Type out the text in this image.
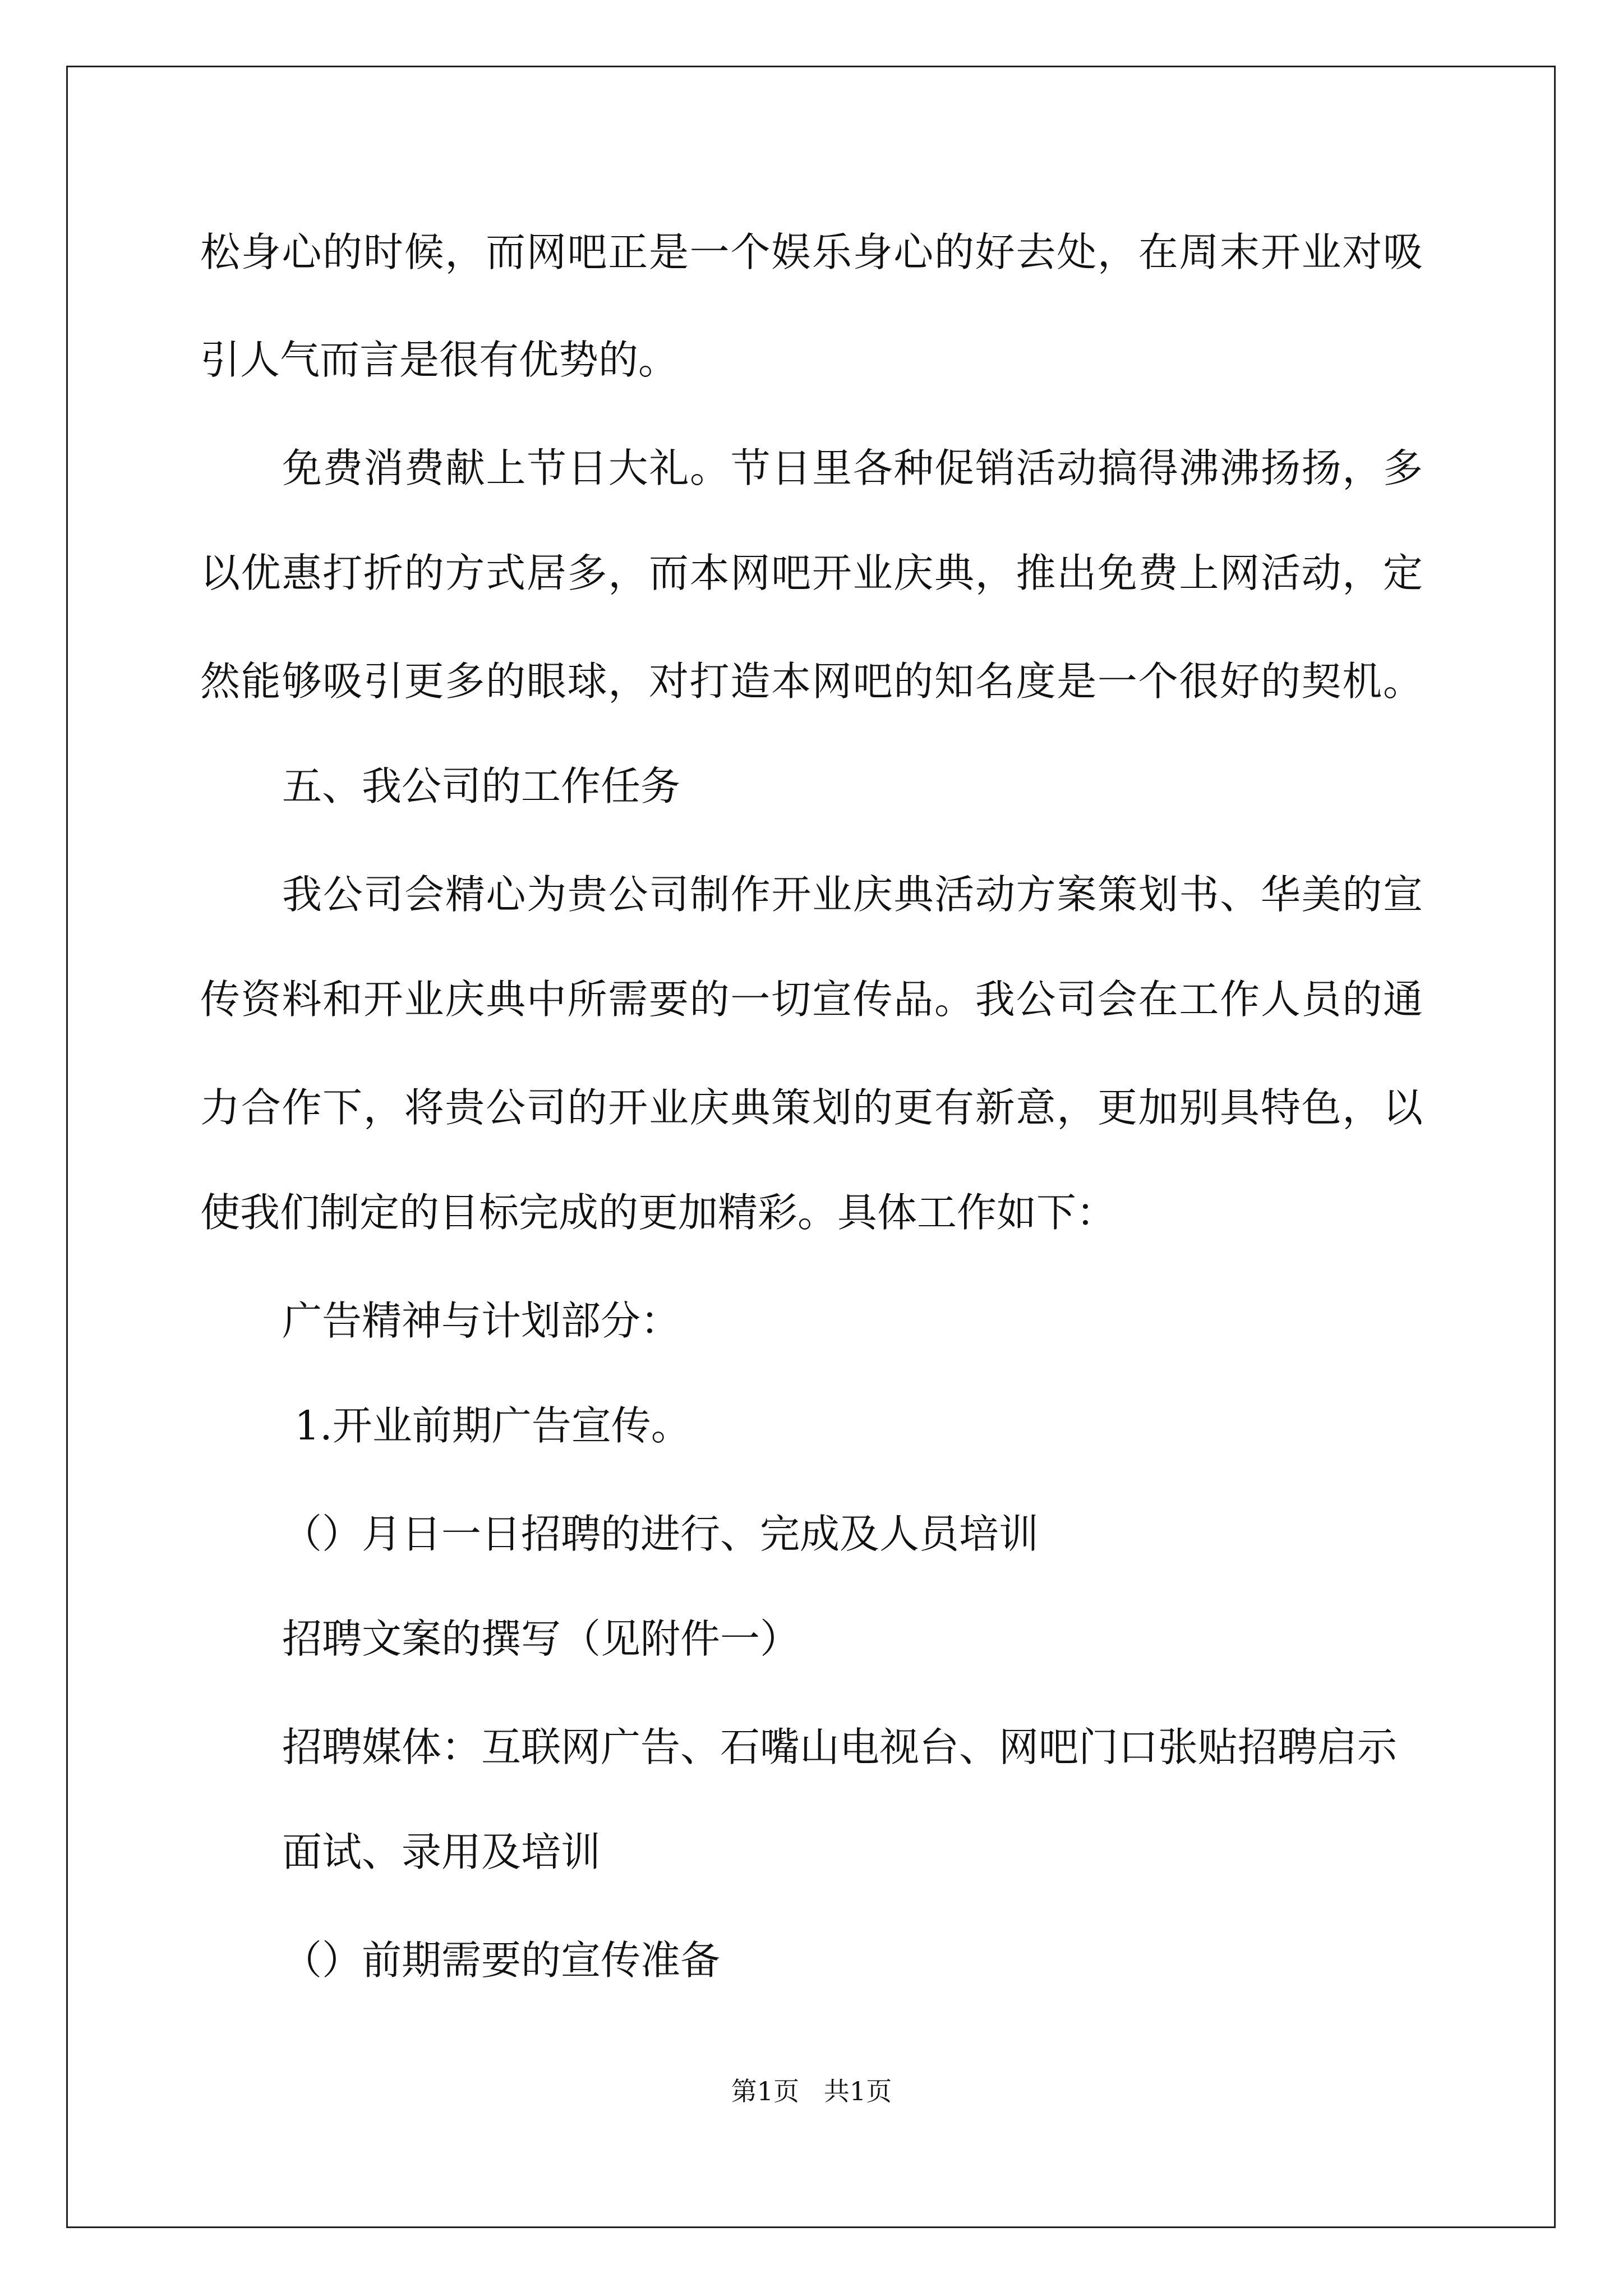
松身心的时候，而网吧正是一个娱乐身心的好去处，在周末开业对吸
引人气而言是很有优势的。
免费消费献上节日大礼。节日里各种促销活动搞得沸沸扬扬，多
以优惠打折的方式居多，而本网吧开业庆典，推出免费上网活动，定
然能够吸引更多的眼球，对打造本网吧的知名度是一个很好的契机。
五、我公司的工作任务
我公司会精心为贵公司制作开业庆典活动方案策划书、华美的宣
传资料和开业庆典中所需要的一切宣传品。我公司会在工作人员的通
力合作下，将贵公司的开业庆典策划的更有新意，更加别具特色，以
使我们制定的目标完成的更加精彩。具体工作如下：
广告精神与计划部分：
1.开业前期广告宣传。
（）月日一日招聘的进行、完成及人员培训
招聘文案的撰写（见附件一）
招聘媒体：互联网广告、石嘴山电视台、网吧门口张贴招聘启示
面试、录用及培训
（）前期需要的宣传准备
第1页   共1页
